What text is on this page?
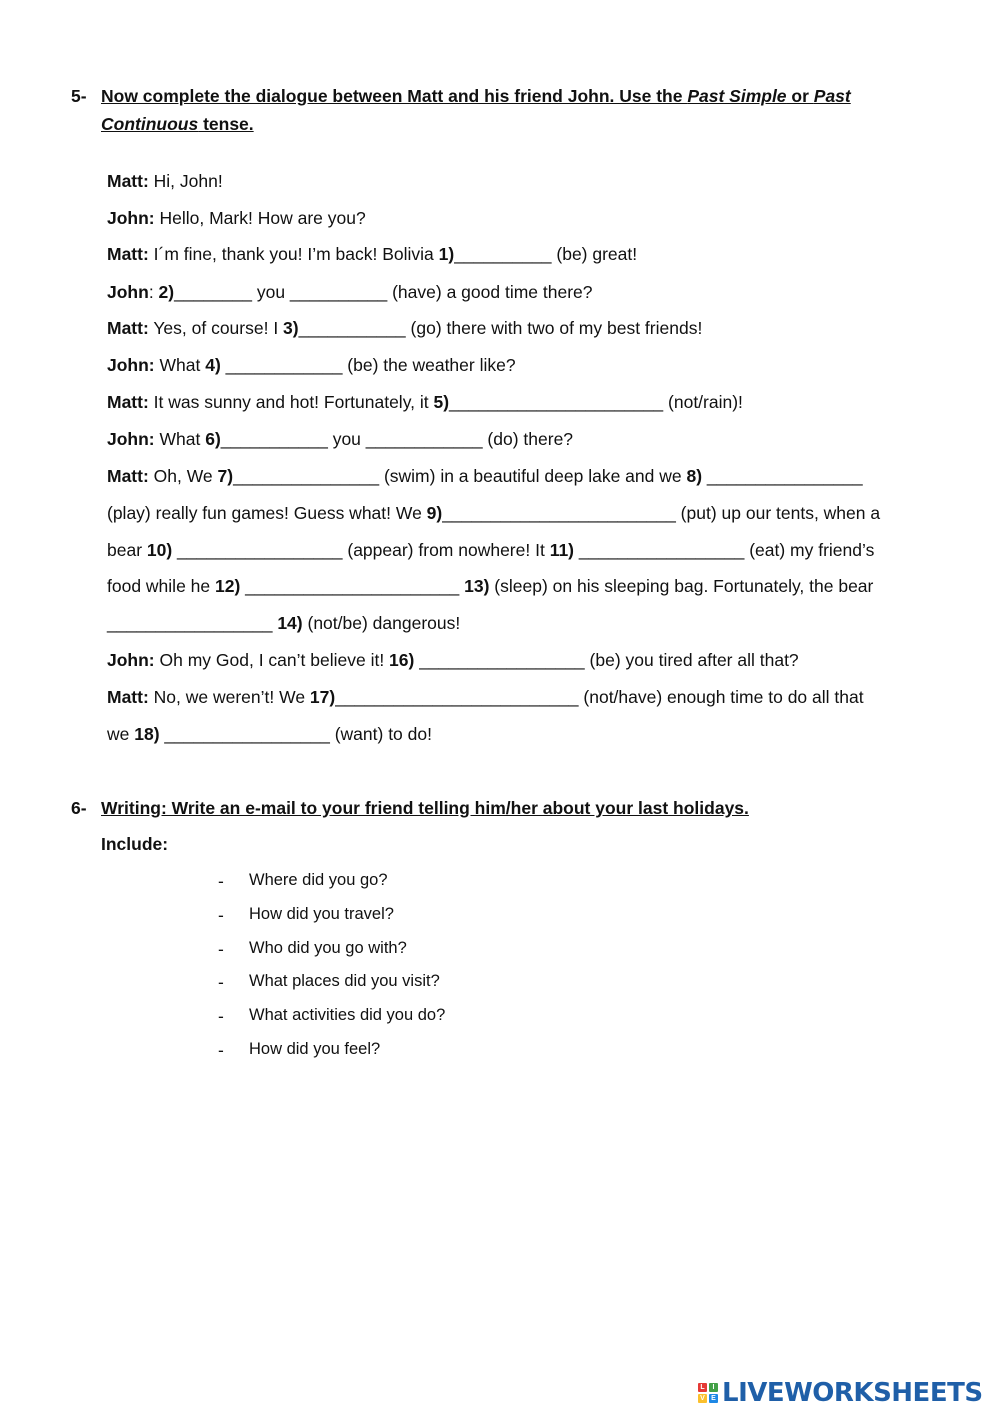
5- Now complete the dialogue between Matt and his friend John. Use the Past Simple or Past
Continuous tense.
Matt: Hi, John!
John: Hello, Mark! How are you?
Matt: I´m fine, thank you! I’m back! Bolivia 1)__________ (be) great!
John: 2)________ you __________ (have) a good time there?
Matt: Yes, of course! I 3)___________ (go) there with two of my best friends!
John: What 4) ____________ (be) the weather like?
Matt: It was sunny and hot! Fortunately, it 5)______________________ (not/rain)!
John: What 6)___________ you ____________ (do) there?
Matt: Oh, We 7)_______________ (swim) in a beautiful deep lake and we 8) ________________
(play) really fun games! Guess what! We 9)________________________ (put) up our tents, when a
bear 10) _________________ (appear) from nowhere! It 11) _________________ (eat) my friend’s
food while he 12) ______________________ 13) (sleep) on his sleeping bag. Fortunately, the bear
_________________ 14) (not/be) dangerous!
John: Oh my God, I can’t believe it! 16) _________________ (be) you tired after all that?
Matt: No, we weren’t! We 17)_________________________ (not/have) enough time to do all that
we 18) _________________ (want) to do!
6- Writing: Write an e-mail to your friend telling him/her about your last holidays.
Include:
- Where did you go?
- How did you travel?
- Who did you go with?
- What places did you visit?
- What activities did you do?
- How did you feel?
L	I
V E LIVEWORKSHEETS
